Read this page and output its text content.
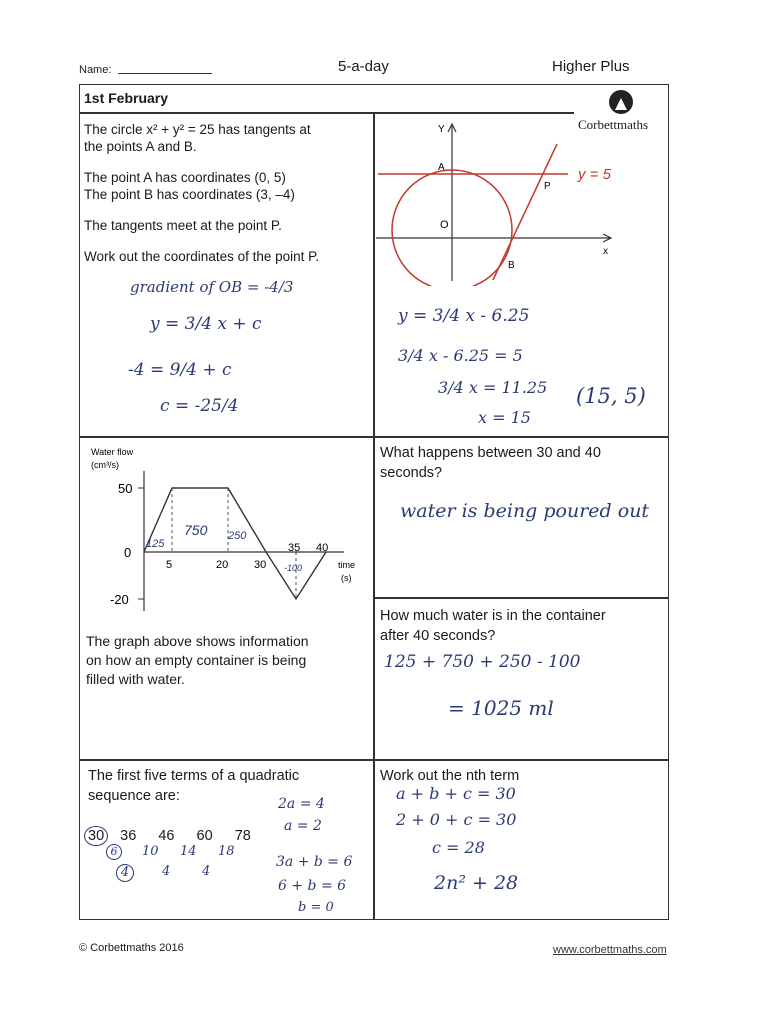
Name:	5-a-day	Higher Plus
1st February
Corbettmaths
The circle x² + y² = 25 has tangents at
the points A and B.
The point A has coordinates (0, 5)
The point B has coordinates (3, –4)
The tangents meet at the point P.
Work out the coordinates of the point P.
gradient of OB = -4/3
y = 3/4 x + c
-4 = 9/4 + c
c = -25/4
Y
x
O
A
B
P
y = 5
y = 3/4 x - 6.25
3/4 x - 6.25 = 5
3/4 x = 11.25
x = 15
(15, 5)
Water flow
(cm³/s)
50
0
-20
5	20 30
35 40
time
(s)
125
750 250
-100
The graph above shows information
on how an empty container is being
filled with water.
What happens between 30 and 40
seconds?
water is being poured out
How much water is in the container
after 40 seconds?
125 + 750 + 250 - 100
= 1025 ml
The first five terms of a quadratic
sequence are:
30 36 46 60 78
6	10 14 18
4	4 4
2a = 4
a = 2
3a + b = 6
6 + b = 6
b = 0
Work out the nth term
a + b + c = 30
2 + 0 + c = 30
c = 28
2n² + 28
© Corbettmaths 2016	www.corbettmaths.com
